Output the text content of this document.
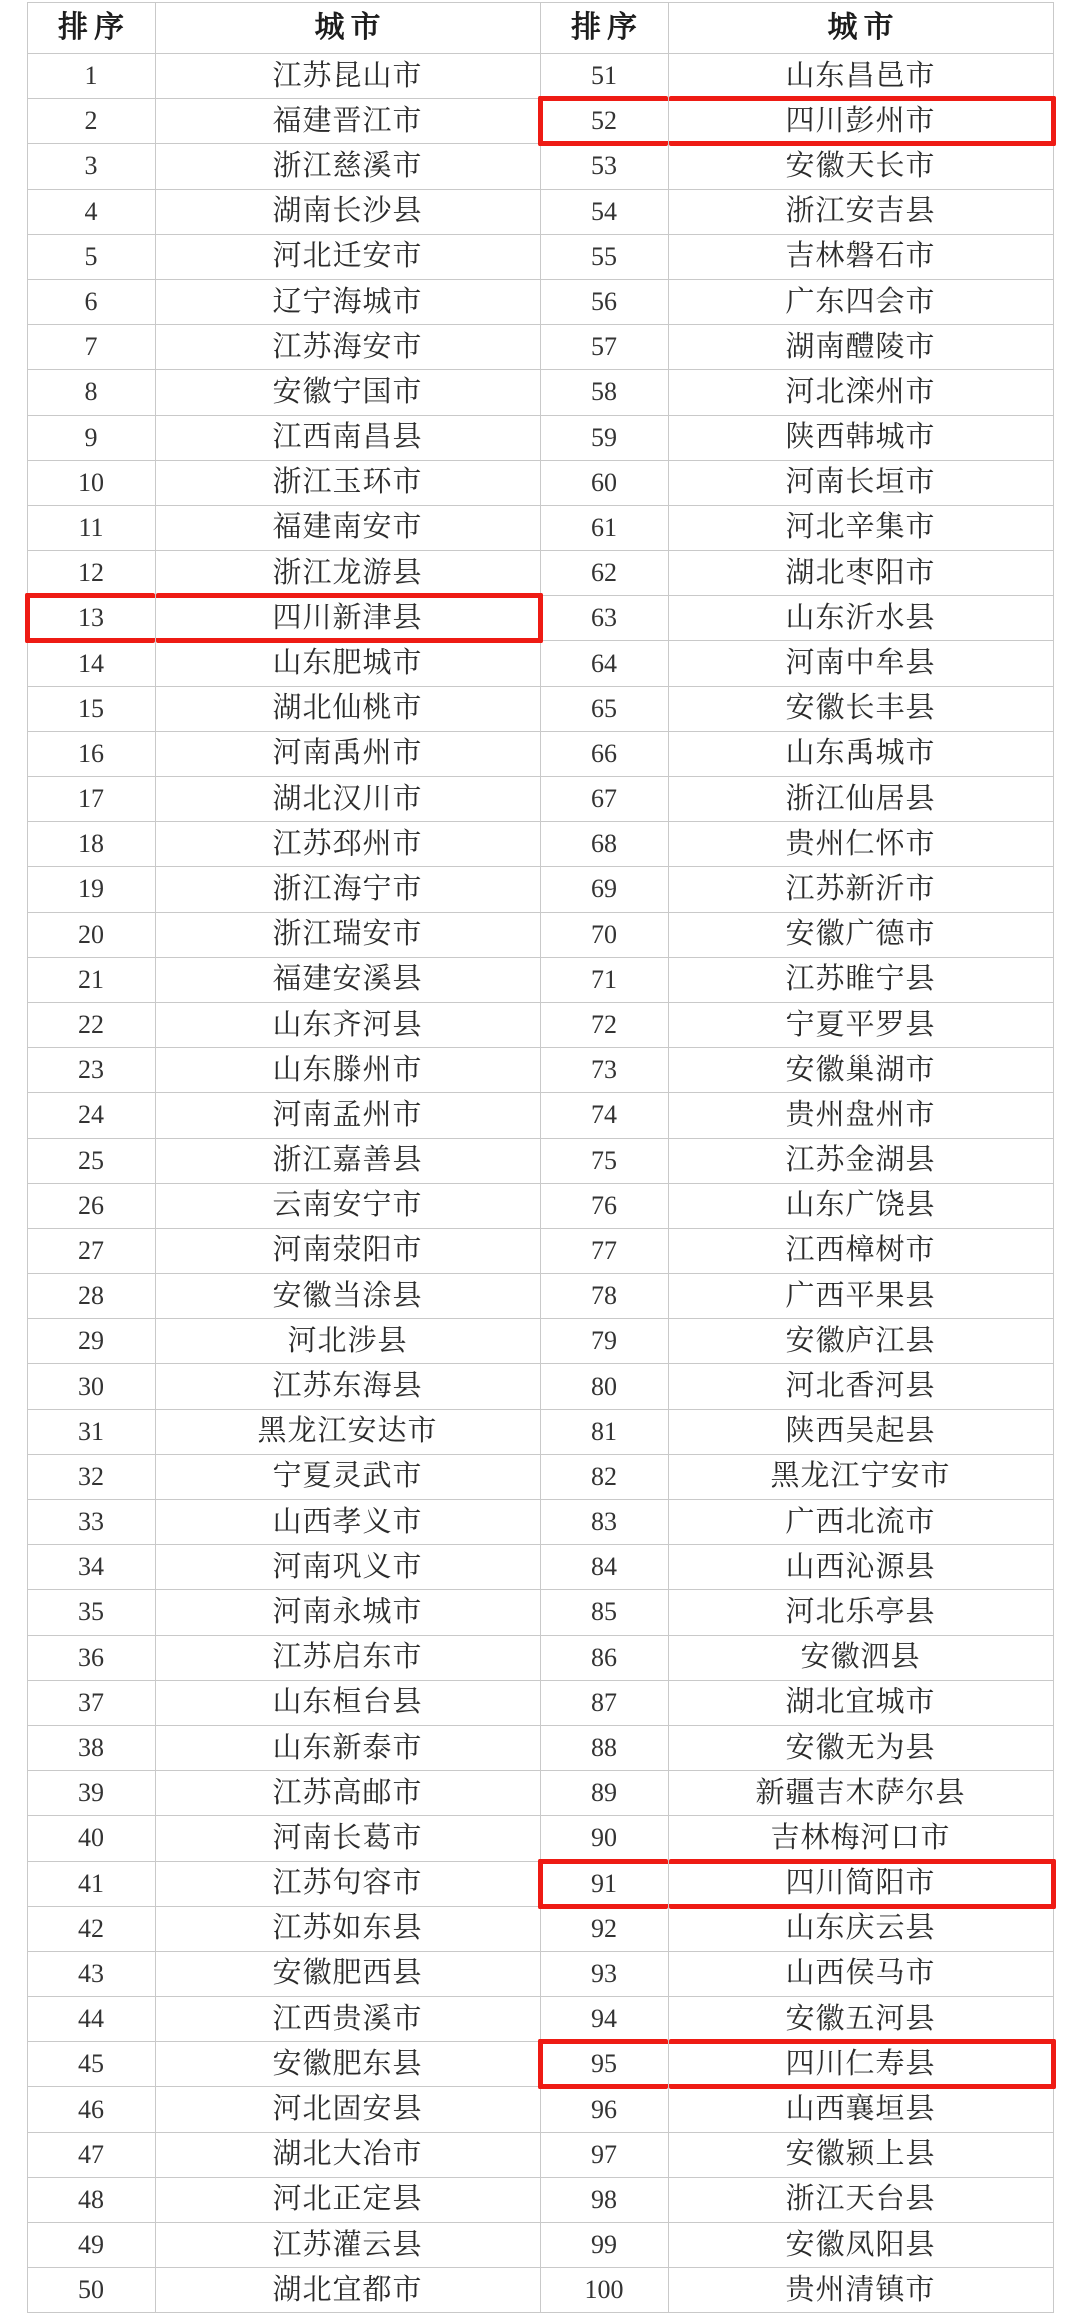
排序	城市	排序	城市
1	江苏昆山市	51	山东昌邑市
2	福建晋江市	52	四川彭州市

3	浙江慈溪市	53	安徽天长市
4	湖南长沙县	54	浙江安吉县
5	河北迁安市	55	吉林磐石市
6	辽宁海城市	56	广东四会市
7	江苏海安市	57	湖南醴陵市
8	安徽宁国市	58	河北滦州市
9	江西南昌县	59	陕西韩城市
10	浙江玉环市	60	河南长垣市
11	福建南安市	61	河北辛集市
12	浙江龙游县	62	湖北枣阳市
13	四川新津县	63	山东沂水县
14	山东肥城市	64	河南中牟县
15	湖北仙桃市	65	安徽长丰县
16	河南禹州市	66	山东禹城市
17	湖北汉川市	67	浙江仙居县
18	江苏邳州市	68	贵州仁怀市
19	浙江海宁市	69	江苏新沂市
20	浙江瑞安市	70	安徽广德市
21	福建安溪县	71	江苏睢宁县
22	山东齐河县	72	宁夏平罗县
23	山东滕州市	73	安徽巢湖市
24	河南孟州市	74	贵州盘州市
25	浙江嘉善县	75	江苏金湖县
26	云南安宁市	76	山东广饶县
27	河南荥阳市	77	江西樟树市
28	安徽当涂县	78	广西平果县
29	河北涉县	79	安徽庐江县
30	江苏东海县	80	河北香河县
31	黑龙江安达市	81	陕西吴起县
32	宁夏灵武市	82	黑龙江宁安市
33	山西孝义市	83	广西北流市
34	河南巩义市	84	山西沁源县
35	河南永城市	85	河北乐亭县
36	江苏启东市	86	安徽泗县
37	山东桓台县	87	湖北宜城市
38	山东新泰市	88	安徽无为县
39	江苏高邮市	89	新疆吉木萨尔县
40	河南长葛市	90	吉林梅河口市
41	江苏句容市	91	四川简阳市

42	江苏如东县	92	山东庆云县
43	安徽肥西县	93	山西侯马市
44	江西贵溪市	94	安徽五河县
45	安徽肥东县	95	四川仁寿县

46	河北固安县	96	山西襄垣县
47	湖北大冶市	97	安徽颍上县
48	河北正定县	98	浙江天台县
49	江苏灌云县	99	安徽凤阳县
50	湖北宜都市	100	贵州清镇市
